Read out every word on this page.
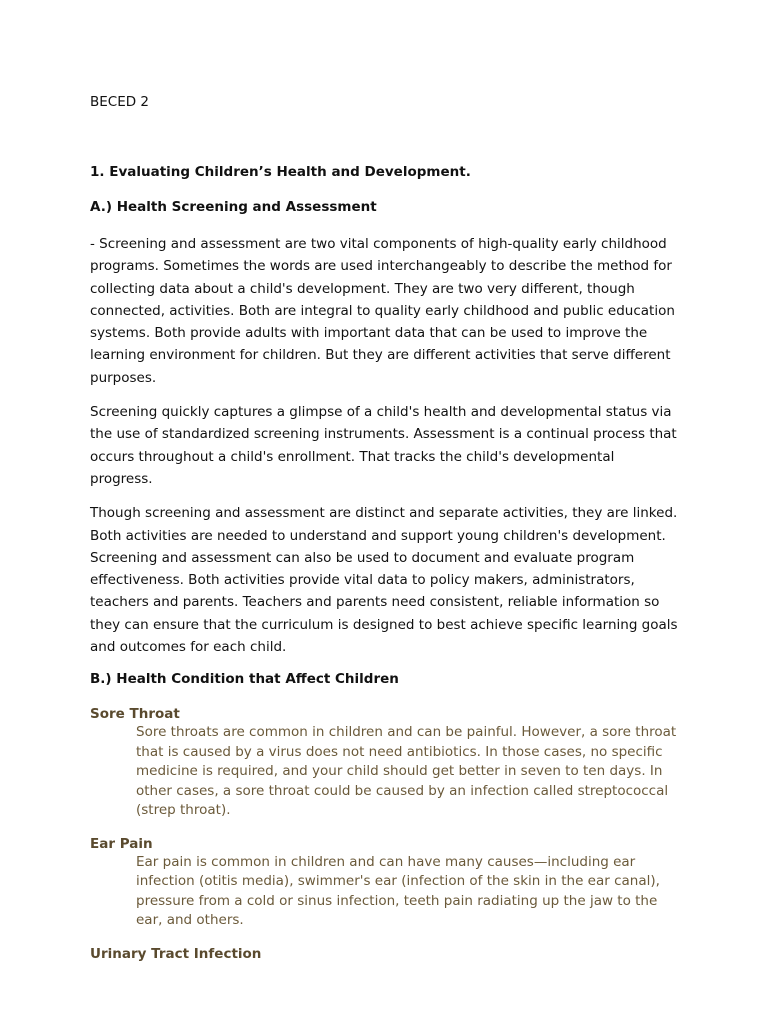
BECED 2

1. Evaluating Children’s Health and Development.

A.) Health Screening and Assessment

- Screening and assessment are two vital components of high-quality early childhood programs. Sometimes the words are used interchangeably to describe the method for collecting data about a child's development. They are two very different, though connected, activities. Both are integral to quality early childhood and public education systems. Both provide adults with important data that can be used to improve the learning environment for children. But they are different activities that serve different purposes.

Screening quickly captures a glimpse of a child's health and developmental status via the use of standardized screening instruments. Assessment is a continual process that occurs throughout a child's enrollment. That tracks the child's developmental progress.

Though screening and assessment are distinct and separate activities, they are linked. Both activities are needed to understand and support young children's development. Screening and assessment can also be used to document and evaluate program effectiveness. Both activities provide vital data to policy makers, administrators, teachers and parents. Teachers and parents need consistent, reliable information so they can ensure that the curriculum is designed to best achieve specific learning goals and outcomes for each child.

B.) Health Condition that Affect Children

Sore Throat

Sore throats are common in children and can be painful. However, a sore throat that is caused by a virus does not need antibiotics. In those cases, no specific medicine is required, and your child should get better in seven to ten days. In other cases, a sore throat could be caused by an infection called streptococcal (strep throat).

Ear Pain

Ear pain is common in children and can have many causes—including ear infection (otitis media), swimmer's ear (infection of the skin in the ear canal), pressure from a cold or sinus infection, teeth pain radiating up the jaw to the ear, and others.

Urinary Tract Infection
